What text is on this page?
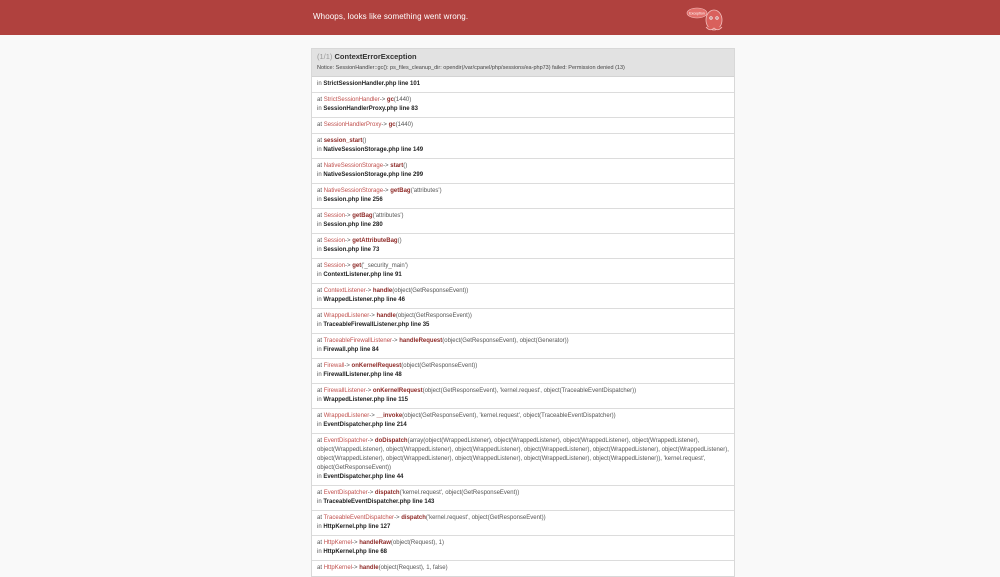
Whoops, looks like something went wrong.	Exception
(1/1) ContextErrorException
Notice: SessionHandler::gc(): ps_files_cleanup_dir: opendir(/var/cpanel/php/sessions/ea-php73) failed: Permission denied (13)
in StrictSessionHandler.php line 101
at StrictSessionHandler-> gc(1440)
in SessionHandlerProxy.php line 83
at SessionHandlerProxy-> gc(1440)
at session_start()
in NativeSessionStorage.php line 149
at NativeSessionStorage-> start()
in NativeSessionStorage.php line 299
at NativeSessionStorage-> getBag('attributes')
in Session.php line 256
at Session-> getBag('attributes')
in Session.php line 280
at Session-> getAttributeBag()
in Session.php line 73
at Session-> get('_security_main')
in ContextListener.php line 91
at ContextListener-> handle(object(GetResponseEvent))
in WrappedListener.php line 46
at WrappedListener-> handle(object(GetResponseEvent))
in TraceableFirewallListener.php line 35
at TraceableFirewallListener-> handleRequest(object(GetResponseEvent), object(Generator))
in Firewall.php line 84
at Firewall-> onKernelRequest(object(GetResponseEvent))
in FirewallListener.php line 48
at FirewallListener-> onKernelRequest(object(GetResponseEvent), 'kernel.request', object(TraceableEventDispatcher))
in WrappedListener.php line 115
at WrappedListener-> __invoke(object(GetResponseEvent), 'kernel.request', object(TraceableEventDispatcher))
in EventDispatcher.php line 214
at EventDispatcher-> doDispatch(array(object(WrappedListener), object(WrappedListener), object(WrappedListener), object(WrappedListener), object(WrappedListener), object(WrappedListener), object(WrappedListener), object(WrappedListener), object(WrappedListener), object(WrappedListener), object(WrappedListener), object(WrappedListener), object(WrappedListener), object(WrappedListener), object(WrappedListener)), 'kernel.request', object(GetResponseEvent))
in EventDispatcher.php line 44
at EventDispatcher-> dispatch('kernel.request', object(GetResponseEvent))
in TraceableEventDispatcher.php line 143
at TraceableEventDispatcher-> dispatch('kernel.request', object(GetResponseEvent))
in HttpKernel.php line 127
at HttpKernel-> handleRaw(object(Request), 1)
in HttpKernel.php line 68
at HttpKernel-> handle(object(Request), 1, false)
